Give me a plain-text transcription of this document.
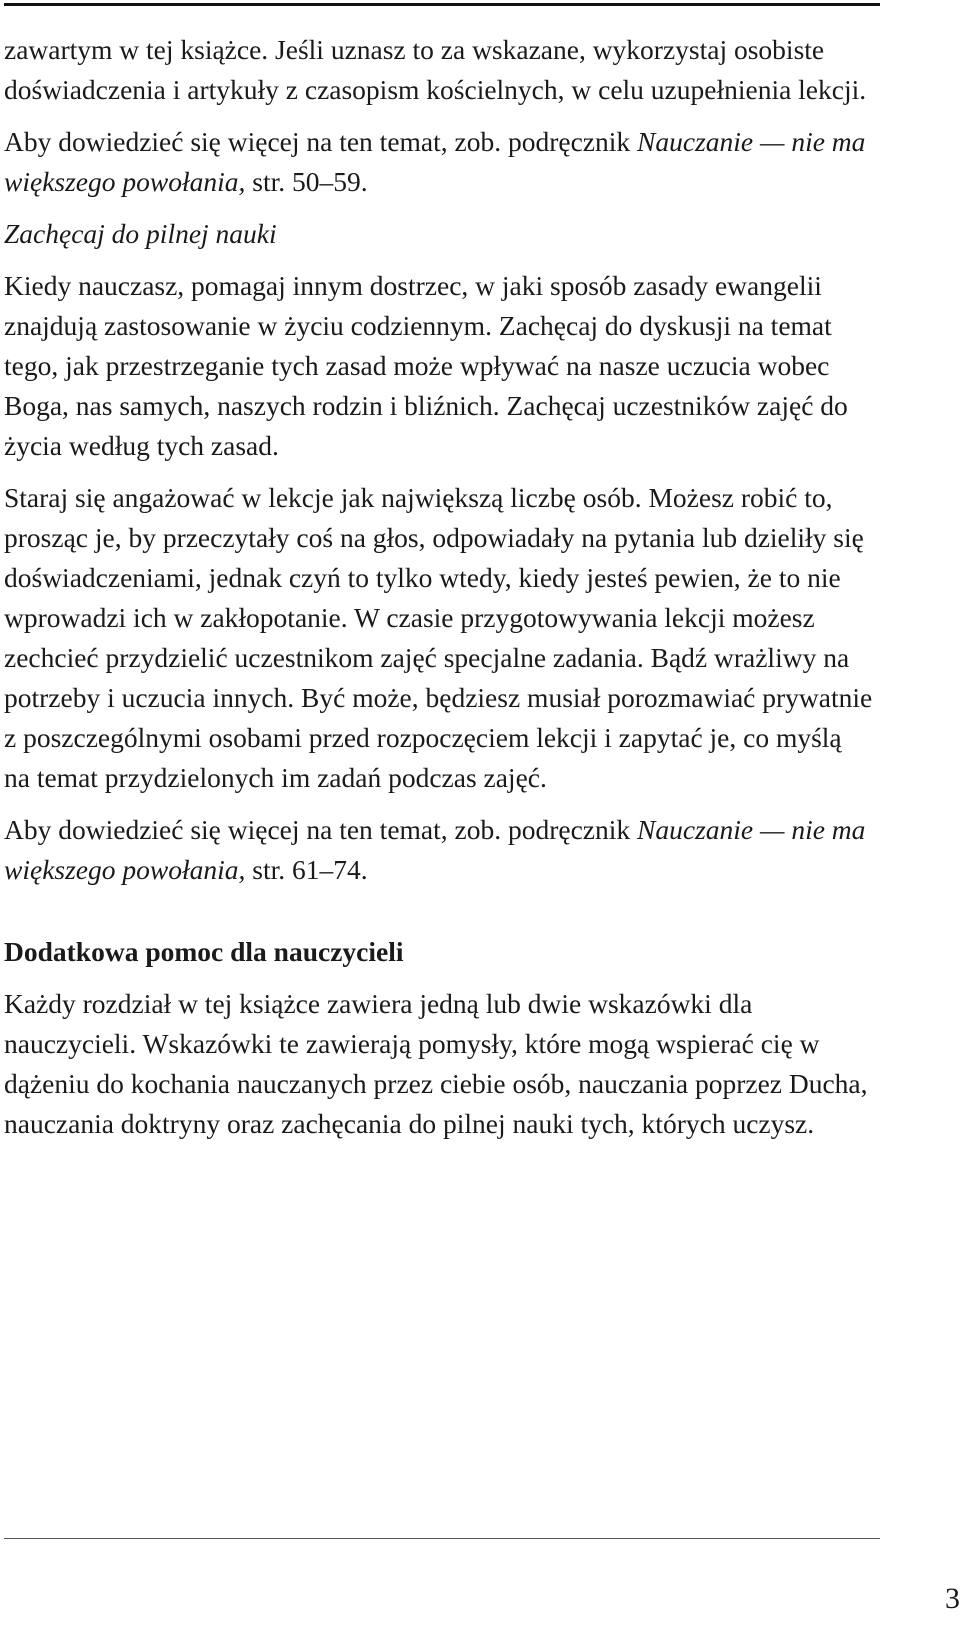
zawartym w tej książce. Jeśli uznasz to za wskazane, wykorzystaj osobiste doświadczenia i artykuły z czasopism kościelnych, w celu uzupełnienia lekcji.

Aby dowiedzieć się więcej na ten temat, zob. podręcznik Nauczanie — nie ma większego powołania, str. 50–59.

Zachęcaj do pilnej nauki

Kiedy nauczasz, pomagaj innym dostrzec, w jaki sposób zasady ewangelii znajdują zastosowanie w życiu codziennym. Zachęcaj do dyskusji na temat tego, jak przestrzeganie tych zasad może wpływać na nasze uczucia wobec Boga, nas samych, naszych rodzin i bliźnich. Zachęcaj uczestników zajęć do życia według tych zasad.

Staraj się angażować w lekcje jak największą liczbę osób. Możesz robić to, prosząc je, by przeczytały coś na głos, odpowiadały na pytania lub dzieliły się doświadczeniami, jednak czyń to tylko wtedy, kiedy jesteś pewien, że to nie wprowadzi ich w zakłopotanie. W czasie przygotowywania lekcji możesz zechcieć przydzielić uczestnikom zajęć specjalne zadania. Bądź wrażliwy na potrzeby i uczucia innych. Być może, będziesz musiał porozmawiać prywatnie z poszczególnymi osobami przed rozpoczęciem lekcji i zapytać je, co myślą na temat przydzielonych im zadań podczas zajęć.

Aby dowiedzieć się więcej na ten temat, zob. podręcznik Nauczanie — nie ma większego powołania, str. 61–74.

Dodatkowa pomoc dla nauczycieli

Każdy rozdział w tej książce zawiera jedną lub dwie wskazówki dla nauczycieli. Wskazówki te zawierają pomysły, które mogą wspierać cię w dążeniu do kochania nauczanych przez ciebie osób, nauczania poprzez Ducha, nauczania doktryny oraz zachęcania do pilnej nauki tych, których uczysz.

3
